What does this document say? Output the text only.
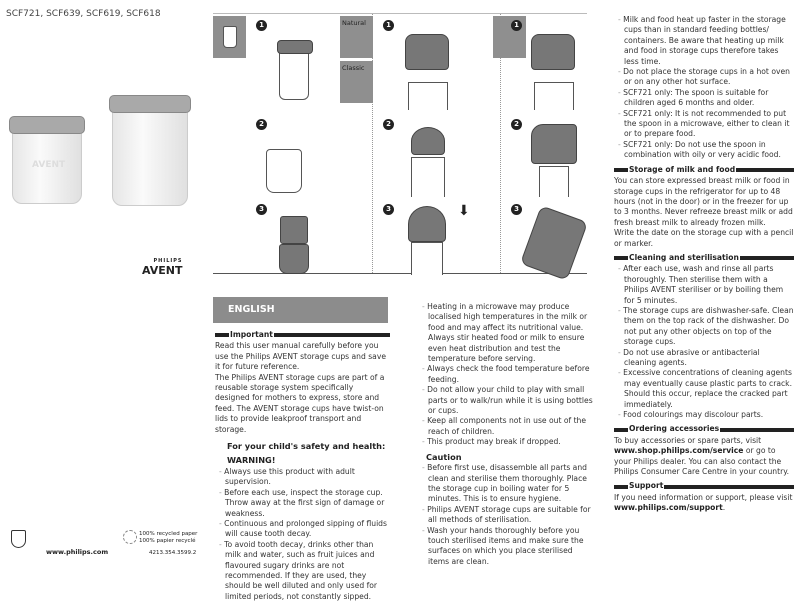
SCF721, SCF639, SCF619, SCF618
AVENT
PHILIPS
AVENT
1
2
3
Natural
Classic
1
2
3	⬇
1
2
3
ENGLISH
Important
Read this user manual carefully before you use the Philips AVENT storage cups and save it for future reference.
The Philips AVENT storage cups are part of a reusable storage system specifically designed for mothers to express, store and feed. The AVENT storage cups have twist-on lids to provide leakproof transport and storage.
For your child's safety and health:
WARNING!
- Always use this product with adult supervision.
- Before each use, inspect the storage cup. Throw away at the first sign of damage or weakness.
- Continuous and prolonged sipping of fluids will cause tooth decay.
- To avoid tooth decay, drinks other than milk and water, such as fruit juices and flavoured sugary drinks are not recommended. If they are used, they should be well diluted and only used for limited periods, not constantly sipped.
- Heating in a microwave may produce localised high temperatures in the milk or food and may affect its nutritional value. Always stir heated food or milk to ensure even heat distribution and test the temperature before serving.
- Always check the food temperature before feeding.
- Do not allow your child to play with small parts or to walk/run while it is using bottles or cups.
- Keep all components not in use out of the reach of children.
- This product may break if dropped.
Caution
- Before first use, disassemble all parts and clean and sterilise them thoroughly. Place the storage cup in boiling water for 5 minutes. This is to ensure hygiene.
- Philips AVENT storage cups are suitable for all methods of sterilisation.
- Wash your hands thoroughly before you touch sterilised items and make sure the surfaces on which you place sterilised items are clean.
- Milk and food heat up faster in the storage cups than in standard feeding bottles/ containers. Be aware that heating up milk and food in storage cups therefore takes less time.
- Do not place the storage cups in a hot oven or on any other hot surface.
- SCF721 only: The spoon is suitable for children aged 6 months and older.
- SCF721 only: It is not recommended to put the spoon in a microwave, either to clean it or to prepare food.
- SCF721 only: Do not use the spoon in combination with oily or very acidic food.
Storage of milk and food
You can store expressed breast milk or food in storage cups in the refrigerator for up to 48 hours (not in the door) or in the freezer for up to 3 months. Never refreeze breast milk or add fresh breast milk to already frozen milk.
Write the date on the storage cup with a pencil or marker.
Cleaning and sterilisation
- After each use, wash and rinse all parts thoroughly. Then sterilise them with a Philips AVENT steriliser or by boiling them for 5 minutes.
- The storage cups are dishwasher-safe. Clean them on the top rack of the dishwasher. Do not put any other objects on top of the storage cups.
- Do not use abrasive or antibacterial cleaning agents.
- Excessive concentrations of cleaning agents may eventually cause plastic parts to crack. Should this occur, replace the cracked part immediately.
- Food colourings may discolour parts.
Ordering accessories
To buy accessories or spare parts, visit www.shop.philips.com/service or go to your Philips dealer. You can also contact the Philips Consumer Care Centre in your country.
Support
If you need information or support, please visit www.philips.com/support.
www.philips.com
100% recycled paper
100% papier recyclé
4213.354.3599.2
